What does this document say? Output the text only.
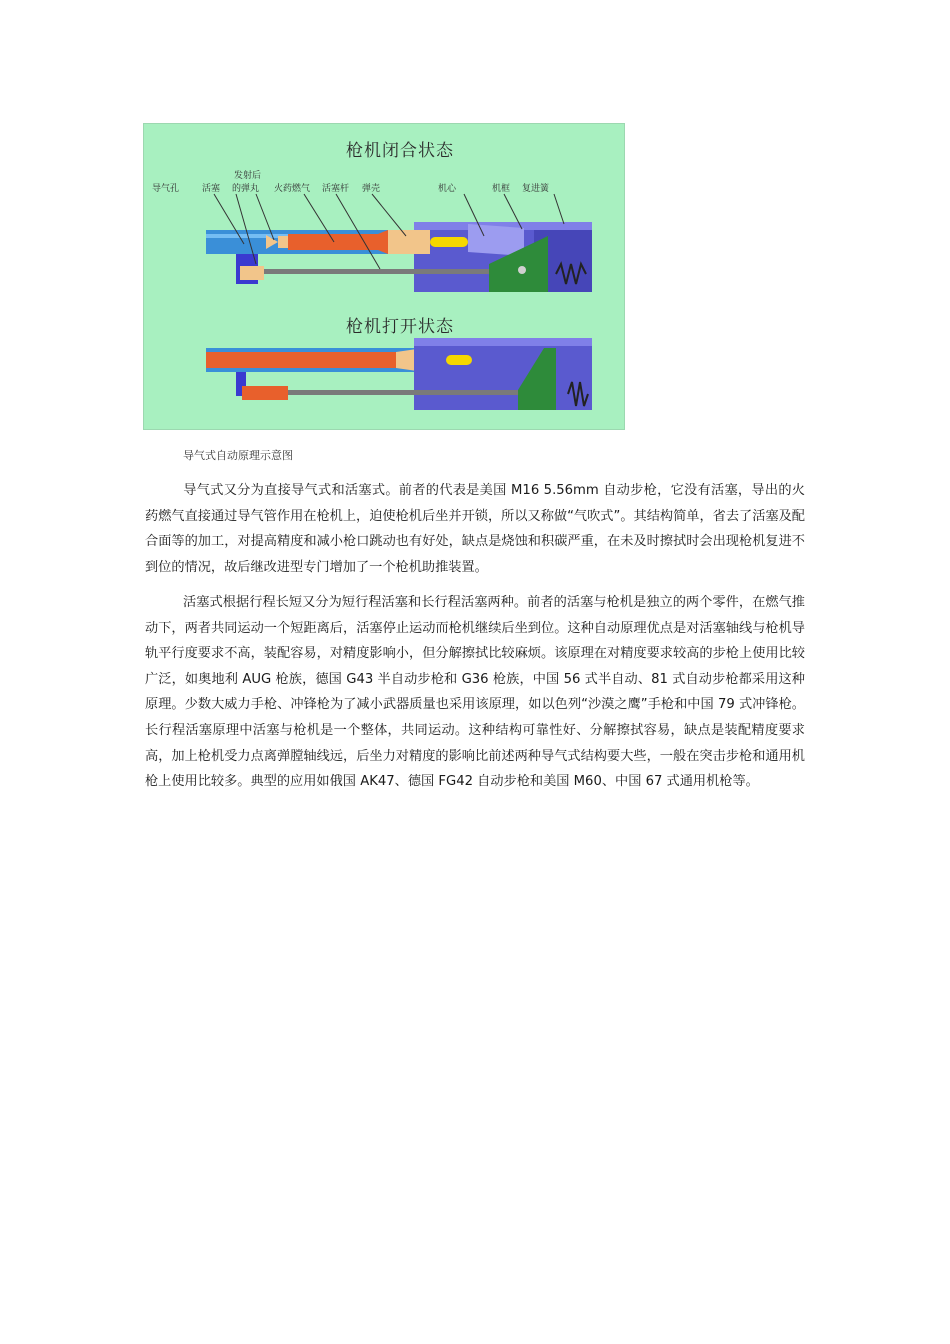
枪机闭合状态
枪机打开状态
导气孔	活塞
发射后
的弹丸 火药燃气 活塞杆 弹壳	机心	机框 复进簧
导气式自动原理示意图
导气式又分为直接导气式和活塞式。前者的代表是美国 M16 5.56mm 自动步枪，它没有活塞，导出的火药燃气直接通过导气管作用在枪机上，迫使枪机后坐并开锁，所以又称做“气吹式”。其结构简单，省去了活塞及配合面等的加工，对提高精度和减小枪口跳动也有好处，缺点是烧蚀和积碳严重，在未及时擦拭时会出现枪机复进不到位的情况，故后继改进型专门增加了一个枪机助推装置。
活塞式根据行程长短又分为短行程活塞和长行程活塞两种。前者的活塞与枪机是独立的两个零件，在燃气推动下，两者共同运动一个短距离后，活塞停止运动而枪机继续后坐到位。这种自动原理优点是对活塞轴线与枪机导轨平行度要求不高，装配容易，对精度影响小，但分解擦拭比较麻烦。该原理在对精度要求较高的步枪上使用比较广泛，如奥地利 AUG 枪族，德国 G43 半自动步枪和 G36 枪族，中国 56 式半自动、81 式自动步枪都采用这种原理。少数大威力手枪、冲锋枪为了减小武器质量也采用该原理，如以色列“沙漠之鹰”手枪和中国 79 式冲锋枪。长行程活塞原理中活塞与枪机是一个整体，共同运动。这种结构可靠性好、分解擦拭容易，缺点是装配精度要求高，加上枪机受力点离弹膛轴线远，后坐力对精度的影响比前述两种导气式结构要大些，一般在突击步枪和通用机枪上使用比较多。典型的应用如俄国 AK47、德国 FG42 自动步枪和美国 M60、中国 67 式通用机枪等。
